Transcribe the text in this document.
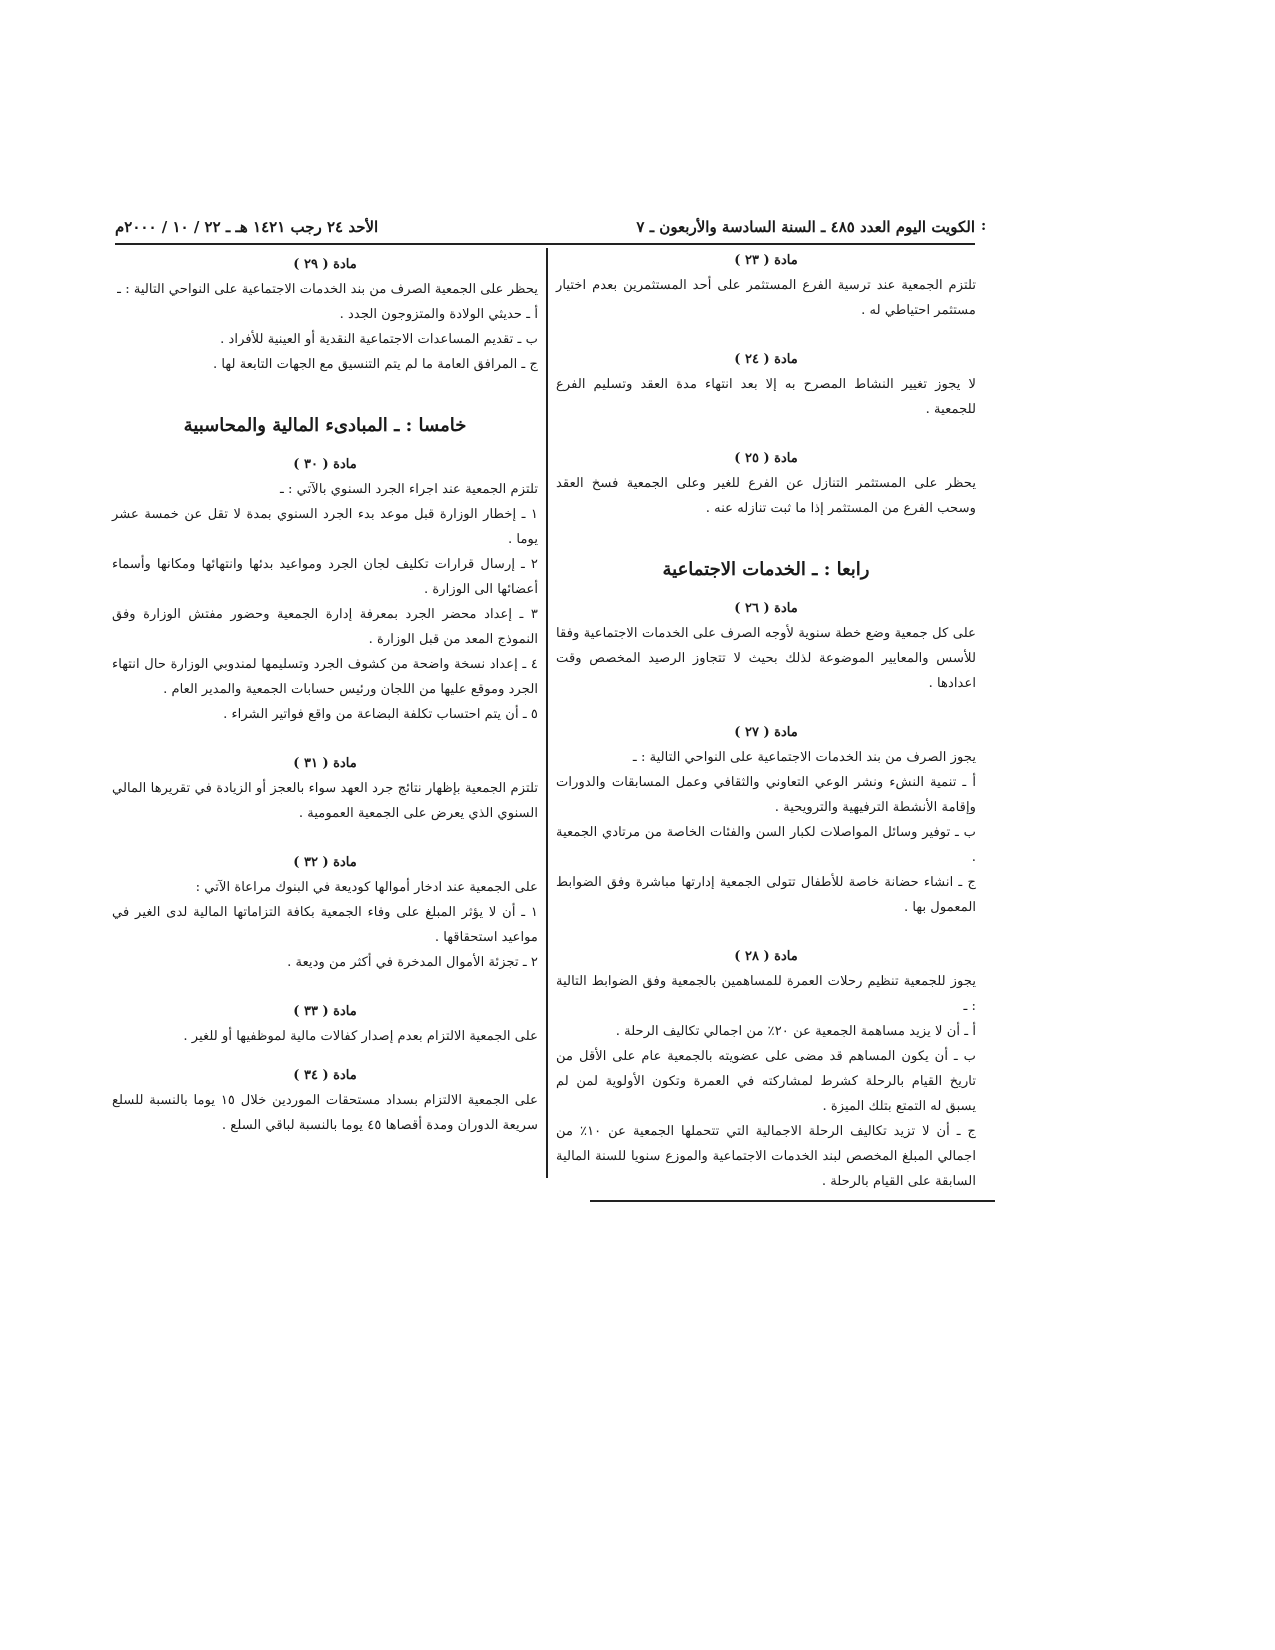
الكويت اليوم العدد ٤٨٥ ـ السنة السادسة والأربعون ـ ٧
الأحد ٢٤ رجب ١٤٢١ هـ ـ ٢٢ / ١٠ / ٢٠٠٠م	:

مادة ( ٢٣ )

تلتزم الجمعية عند ترسية الفرع المستثمر على أحد المستثمرين بعدم اختيار مستثمر احتياطي له .

مادة ( ٢٤ )

لا يجوز تغيير النشاط المصرح به إلا بعد انتهاء مدة العقد وتسليم الفرع للجمعية .

مادة ( ٢٥ )

يحظر على المستثمر التنازل عن الفرع للغير وعلى الجمعية فسخ العقد وسحب الفرع من المستثمر إذا ما ثبت تنازله عنه .

رابعا : ـ الخدمات الاجتماعية

مادة ( ٢٦ )

على كل جمعية وضع خطة سنوية لأوجه الصرف على الخدمات الاجتماعية وفقا للأسس والمعايير الموضوعة لذلك بحيث لا تتجاوز الرصيد المخصص وقت اعدادها .

مادة ( ٢٧ )

يجوز الصرف من بند الخدمات الاجتماعية على النواحي التالية : ـ

أ ـ تنمية النشء ونشر الوعي التعاوني والثقافي وعمل المسابقات والدورات وإقامة الأنشطة الترفيهية والترويحية .

ب ـ توفير وسائل المواصلات لكبار السن والفئات الخاصة من مرتادي الجمعية .

ج ـ انشاء حضانة خاصة للأطفال تتولى الجمعية إدارتها مباشرة وفق الضوابط المعمول بها .

مادة ( ٢٨ )

يجوز للجمعية تنظيم رحلات العمرة للمساهمين بالجمعية وفق الضوابط التالية : ـ

أ ـ أن لا يزيد مساهمة الجمعية عن ٢٠٪ من اجمالي تكاليف الرحلة .

ب ـ أن يكون المساهم قد مضى على عضويته بالجمعية عام على الأقل من تاريخ القيام بالرحلة كشرط لمشاركته في العمرة وتكون الأولوية لمن لم يسبق له التمتع بتلك الميزة .

ج ـ أن لا تزيد تكاليف الرحلة الاجمالية التي تتحملها الجمعية عن ١٠٪ من اجمالي المبلغ المخصص لبند الخدمات الاجتماعية والموزع سنويا للسنة المالية السابقة على القيام بالرحلة .

مادة ( ٢٩ )

يحظر على الجمعية الصرف من بند الخدمات الاجتماعية على النواحي التالية : ـ

أ ـ حديثي الولادة والمتزوجون الجدد .

ب ـ تقديم المساعدات الاجتماعية النقدية أو العينية للأفراد .

ج ـ المرافق العامة ما لم يتم التنسيق مع الجهات التابعة لها .

خامسا : ـ المبادىء المالية والمحاسبية

مادة ( ٣٠ )

تلتزم الجمعية عند اجراء الجرد السنوي بالآتي : ـ

١ ـ إخطار الوزارة قبل موعد بدء الجرد السنوي بمدة لا تقل عن خمسة عشر يوما .

٢ ـ إرسال قرارات تكليف لجان الجرد ومواعيد بدئها وانتهائها ومكانها وأسماء أعضائها الى الوزارة .

٣ ـ إعداد محضر الجرد بمعرفة إدارة الجمعية وحضور مفتش الوزارة وفق النموذج المعد من قبل الوزارة .

٤ ـ إعداد نسخة واضحة من كشوف الجرد وتسليمها لمندوبي الوزارة حال انتهاء الجرد وموقع عليها من اللجان ورئيس حسابات الجمعية والمدير العام .

٥ ـ أن يتم احتساب تكلفة البضاعة من واقع فواتير الشراء .

مادة ( ٣١ )

تلتزم الجمعية بإظهار نتائج جرد العهد سواء بالعجز أو الزيادة في تقريرها المالي السنوي الذي يعرض على الجمعية العمومية .

مادة ( ٣٢ )

على الجمعية عند ادخار أموالها كوديعة في البنوك مراعاة الآتي :

١ ـ أن لا يؤثر المبلغ على وفاء الجمعية بكافة التزاماتها المالية لدى الغير في مواعيد استحقاقها .

٢ ـ تجزئة الأموال المدخرة في أكثر من وديعة .

مادة ( ٣٣ )

على الجمعية الالتزام بعدم إصدار كفالات مالية لموظفيها أو للغير .

مادة ( ٣٤ )

على الجمعية الالتزام بسداد مستحقات الموردين خلال ١٥ يوما بالنسبة للسلع سريعة الدوران ومدة أقصاها ٤٥ يوما بالنسبة لباقي السلع .
